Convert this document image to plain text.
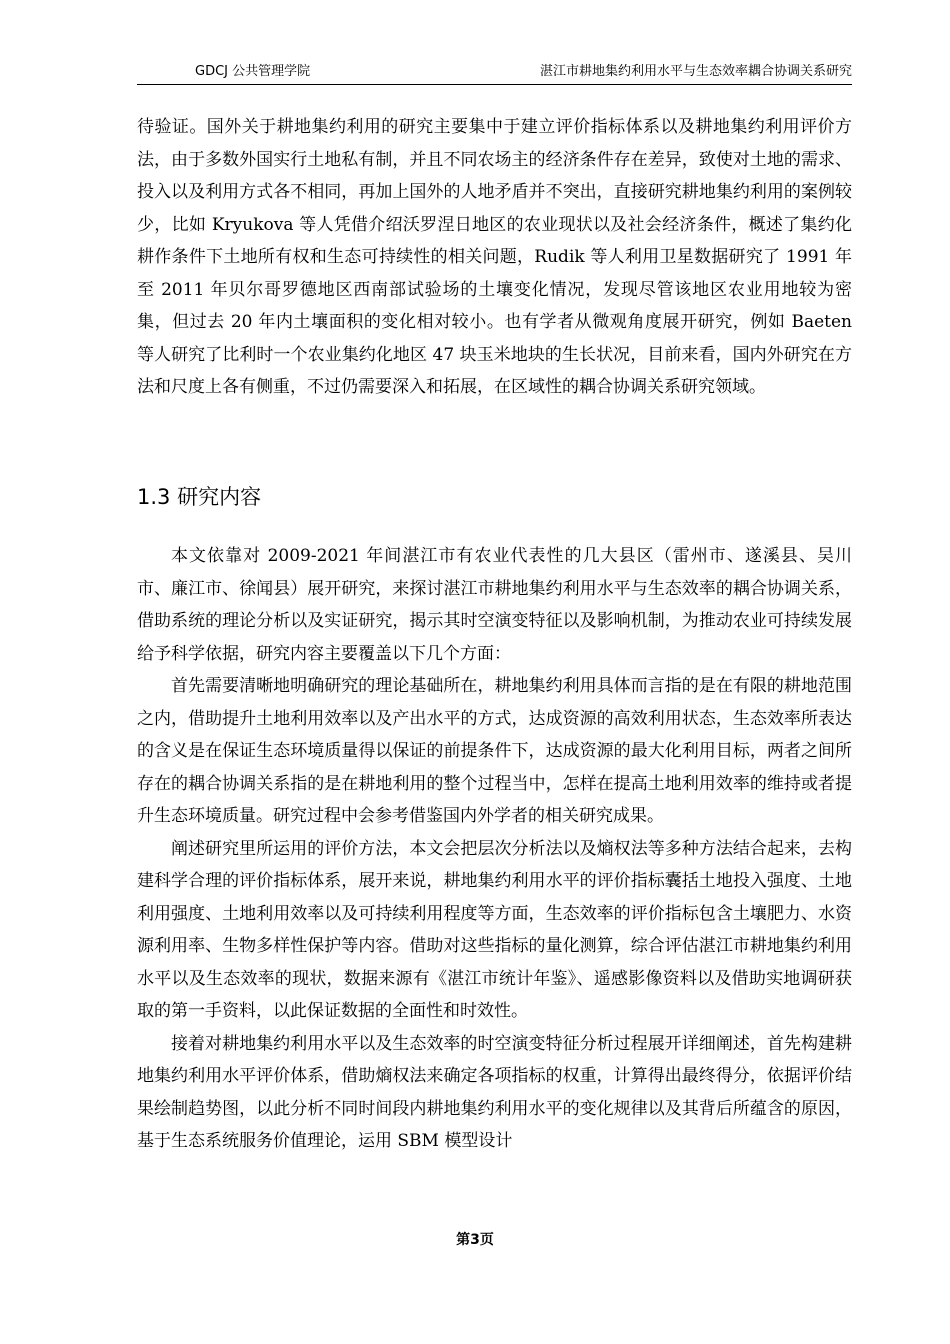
GDCJ 公共管理学院	湛江市耕地集约利用水平与生态效率耦合协调关系研究

待验证。国外关于耕地集约利用的研究主要集中于建立评价指标体系以及耕地集约利用评价方法，由于多数外国实行土地私有制，并且不同农场主的经济条件存在差异，致使对土地的需求、投入以及利用方式各不相同，再加上国外的人地矛盾并不突出，直接研究耕地集约利用的案例较少，比如 Kryukova 等人凭借介绍沃罗涅日地区的农业现状以及社会经济条件，概述了集约化耕作条件下土地所有权和生态可持续性的相关问题，Rudik 等人利用卫星数据研究了 1991 年至 2011 年贝尔哥罗德地区西南部试验场的土壤变化情况，发现尽管该地区农业用地较为密集，但过去 20 年内土壤面积的变化相对较小。也有学者从微观角度展开研究，例如 Baeten 等人研究了比利时一个农业集约化地区 47 块玉米地块的生长状况，目前来看，国内外研究在方法和尺度上各有侧重，不过仍需要深入和拓展，在区域性的耦合协调关系研究领域。

1.3 研究内容

本文依靠对 2009-2021 年间湛江市有农业代表性的几大县区（雷州市、遂溪县、吴川市、廉江市、徐闻县）展开研究，来探讨湛江市耕地集约利用水平与生态效率的耦合协调关系，借助系统的理论分析以及实证研究，揭示其时空演变特征以及影响机制，为推动农业可持续发展给予科学依据，研究内容主要覆盖以下几个方面：

首先需要清晰地明确研究的理论基础所在，耕地集约利用具体而言指的是在有限的耕地范围之内，借助提升土地利用效率以及产出水平的方式，达成资源的高效利用状态，生态效率所表达的含义是在保证生态环境质量得以保证的前提条件下，达成资源的最大化利用目标，两者之间所存在的耦合协调关系指的是在耕地利用的整个过程当中，怎样在提高土地利用效率的维持或者提升生态环境质量。研究过程中会参考借鉴国内外学者的相关研究成果。

阐述研究里所运用的评价方法，本文会把层次分析法以及熵权法等多种方法结合起来，去构建科学合理的评价指标体系，展开来说，耕地集约利用水平的评价指标囊括土地投入强度、土地利用强度、土地利用效率以及可持续利用程度等方面，生态效率的评价指标包含土壤肥力、水资源利用率、生物多样性保护等内容。借助对这些指标的量化测算，综合评估湛江市耕地集约利用水平以及生态效率的现状，数据来源有《湛江市统计年鉴》、遥感影像资料以及借助实地调研获取的第一手资料，以此保证数据的全面性和时效性。

接着对耕地集约利用水平以及生态效率的时空演变特征分析过程展开详细阐述，首先构建耕地集约利用水平评价体系，借助熵权法来确定各项指标的权重，计算得出最终得分，依据评价结果绘制趋势图，以此分析不同时间段内耕地集约利用水平的变化规律以及其背后所蕴含的原因，基于生态系统服务价值理论，运用 SBM 模型设计

第3页
